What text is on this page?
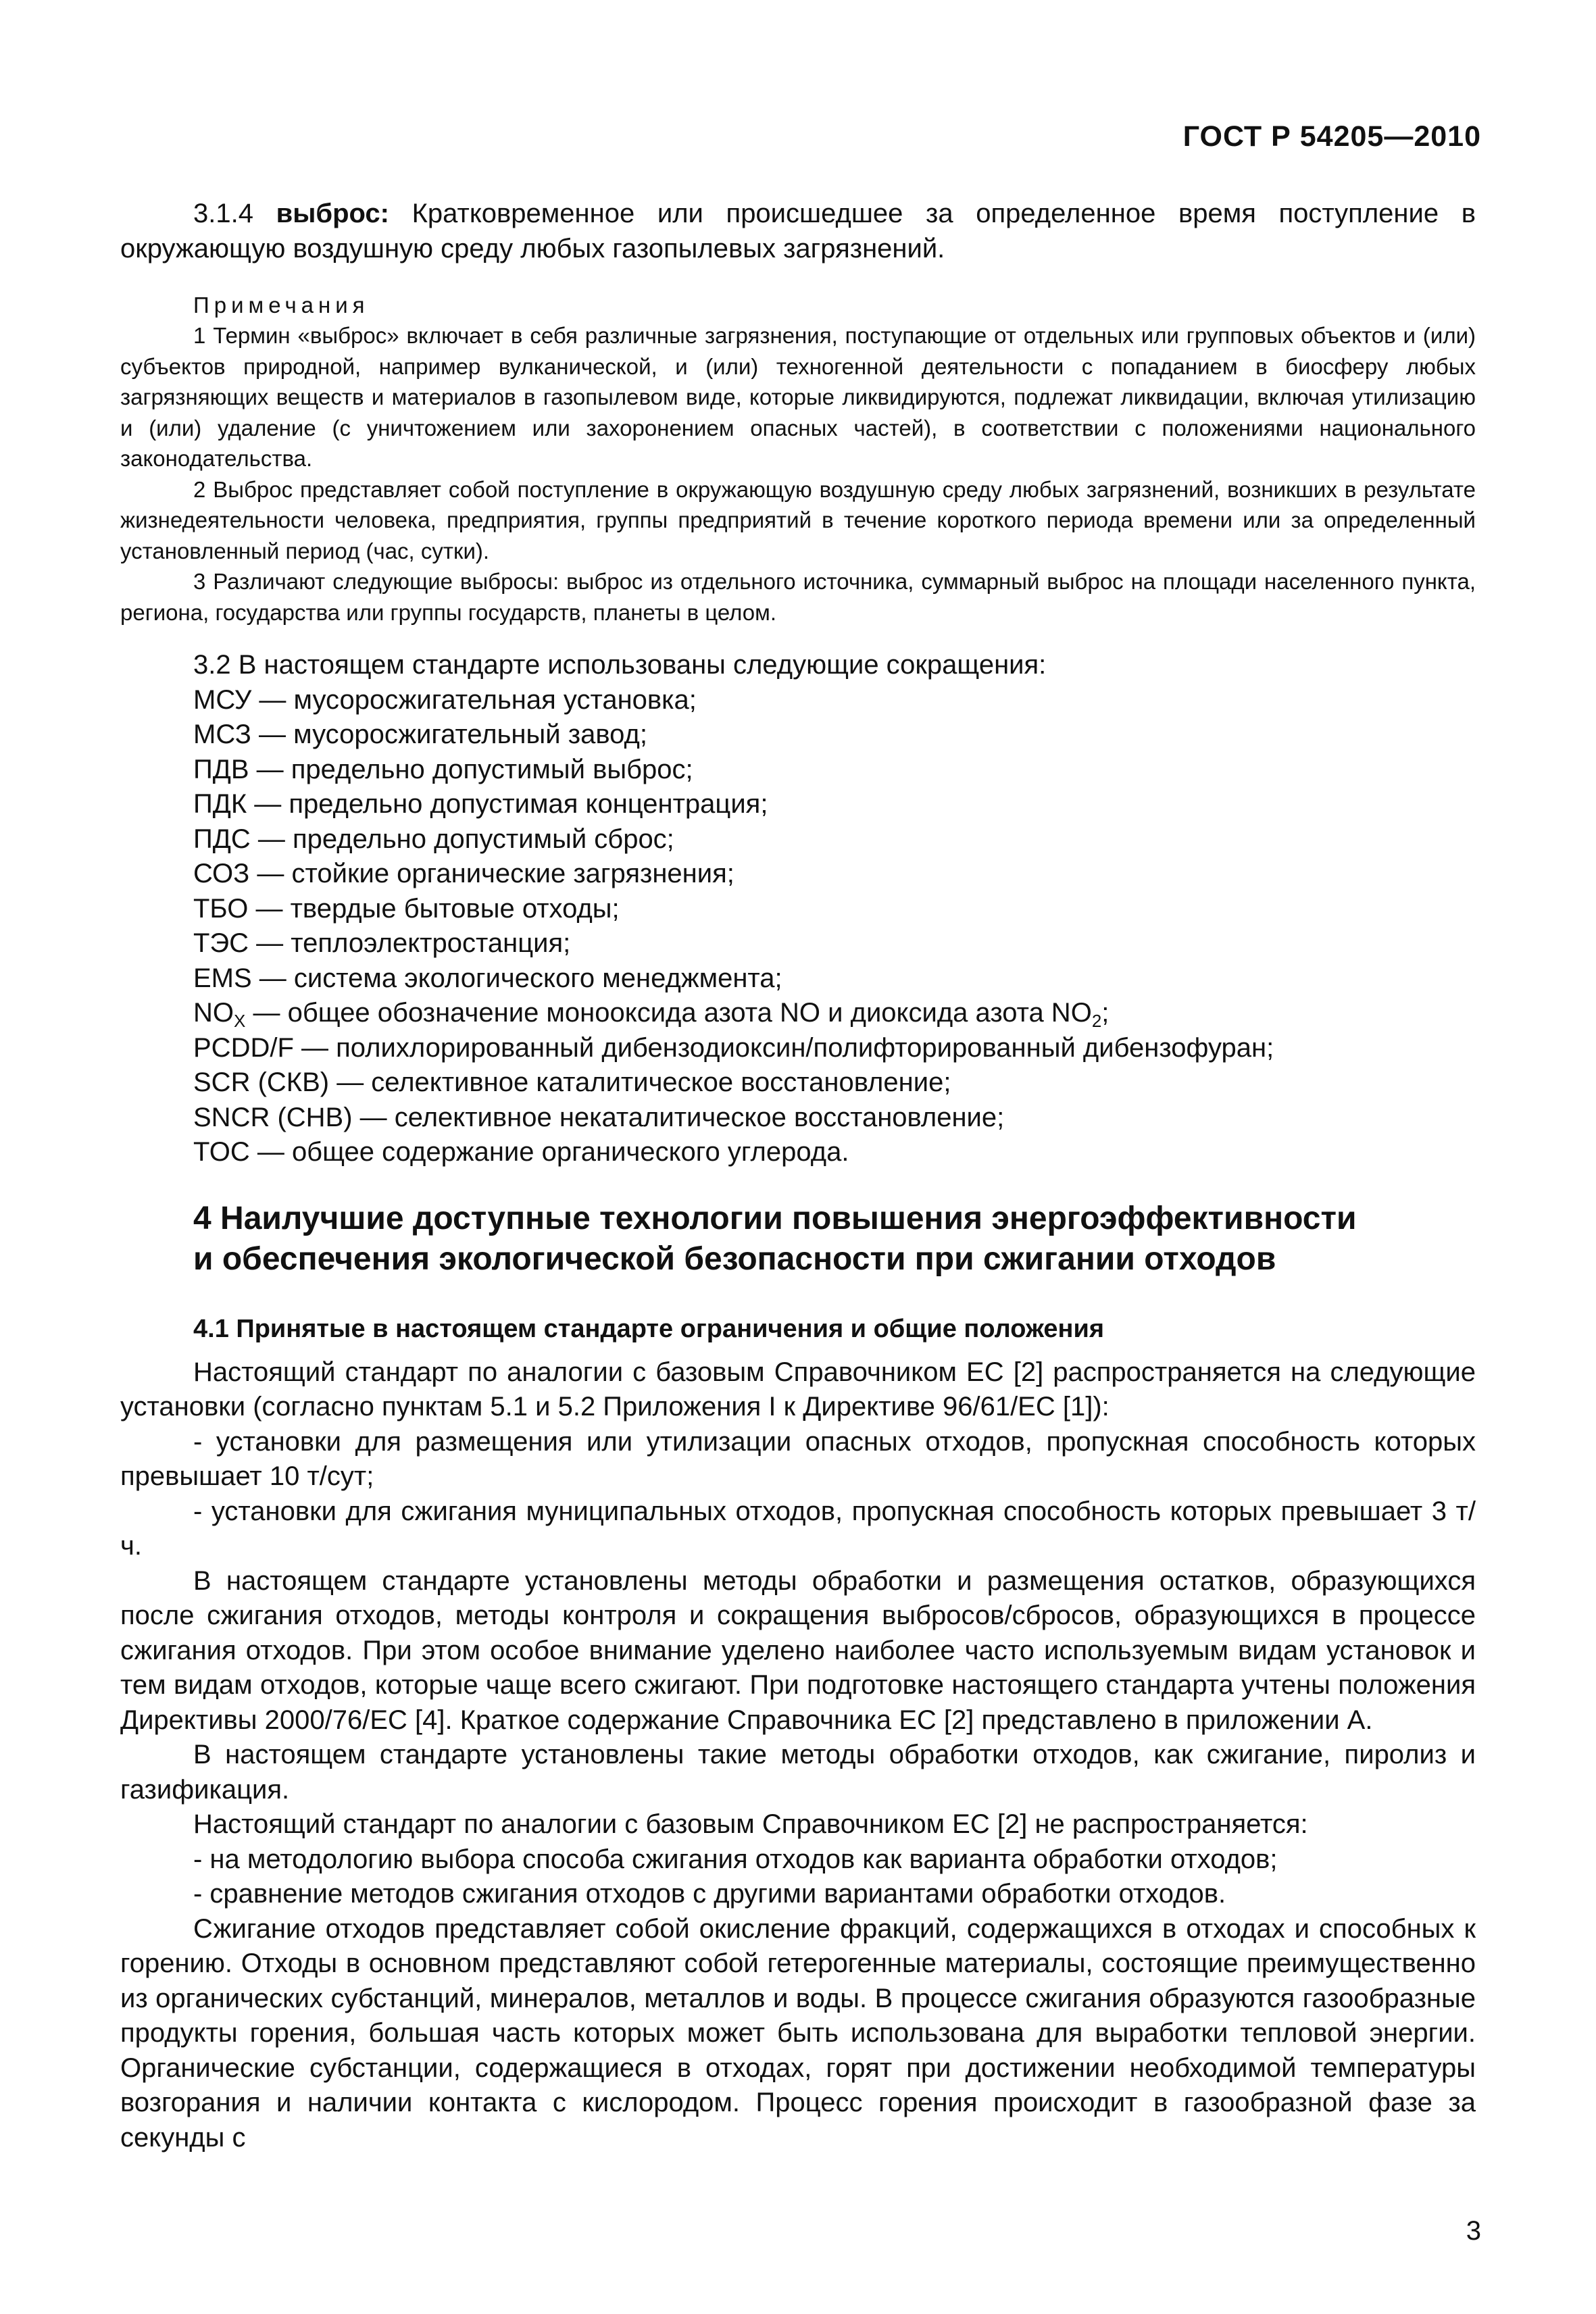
ГОСТ Р 54205—2010

3.1.4 выброс: Кратковременное или происшедшее за определенное время поступление в окружающую воздушную среду любых газопылевых загрязнений.

Примечания

1 Термин «выброс» включает в себя различные загрязнения, поступающие от отдельных или групповых объектов и (или) субъектов природной, например вулканической, и (или) техногенной деятельности с попаданием в биосферу любых загрязняющих веществ и материалов в газопылевом виде, которые ликвидируются, подлежат ликвидации, включая утилизацию и (или) удаление (с уничтожением или захоронением опасных частей), в соответствии с положениями национального законодательства.

2 Выброс представляет собой поступление в окружающую воздушную среду любых загрязнений, возникших в результате жизнедеятельности человека, предприятия, группы предприятий в течение короткого периода времени или за определенный установленный период (час, сутки).

3 Различают следующие выбросы: выброс из отдельного источника, суммарный выброс на площади населенного пункта, региона, государства или группы государств, планеты в целом.

3.2 В настоящем стандарте использованы следующие сокращения:

МСУ — мусоросжигательная установка;

МСЗ — мусоросжигательный завод;

ПДВ — предельно допустимый выброс;

ПДК — предельно допустимая концентрация;

ПДС — предельно допустимый сброс;

СОЗ — стойкие органические загрязнения;

ТБО — твердые бытовые отходы;

ТЭС — теплоэлектростанция;

EMS — система экологического менеджмента;

$NO_X$ — общее обозначение монооксида азота NO и диоксида азота $NO_2$;

PCDD/F — полихлорированный дибензодиоксин/полифторированный дибензофуран;

SCR (СКВ) — селективное каталитическое восстановление;

SNCR (СНВ) — селективное некаталитическое восстановление;

TOC — общее содержание органического углерода.

4 Наилучшие доступные технологии повышения энергоэффективности
и обеспечения экологической безопасности при сжигании отходов
4.1 Принятые в настоящем стандарте ограничения и общие положения

Настоящий стандарт по аналогии с базовым Справочником ЕС [2] распространяется на следующие установки (согласно пунктам 5.1 и 5.2 Приложения I к Директиве 96/61/ЕС [1]):

- установки для размещения или утилизации опасных отходов, пропускная способность которых превышает 10 т/сут;

- установки для сжигания муниципальных отходов, пропускная способность которых превышает 3 т/ч.

В настоящем стандарте установлены методы обработки и размещения остатков, образующихся после сжигания отходов, методы контроля и сокращения выбросов/сбросов, образующихся в процессе сжигания отходов. При этом особое внимание уделено наиболее часто используемым видам установок и тем видам отходов, которые чаще всего сжигают. При подготовке настоящего стандарта учтены положения Директивы 2000/76/ЕС [4]. Краткое содержание Справочника ЕС [2] представлено в приложении А.

В настоящем стандарте установлены такие методы обработки отходов, как сжигание, пиролиз и газификация.

Настоящий стандарт по аналогии с базовым Справочником ЕС [2] не распространяется:

- на методологию выбора способа сжигания отходов как варианта обработки отходов;

- сравнение методов сжигания отходов с другими вариантами обработки отходов.

Сжигание отходов представляет собой окисление фракций, содержащихся в отходах и способных к горению. Отходы в основном представляют собой гетерогенные материалы, состоящие преимущественно из органических субстанций, минералов, металлов и воды. В процессе сжигания образуются газообразные продукты горения, большая часть которых может быть использована для выработки тепловой энергии. Органические субстанции, содержащиеся в отходах, горят при достижении необходимой температуры возгорания и наличии контакта с кислородом. Процесс горения происходит в газообразной фазе за секунды с

3
